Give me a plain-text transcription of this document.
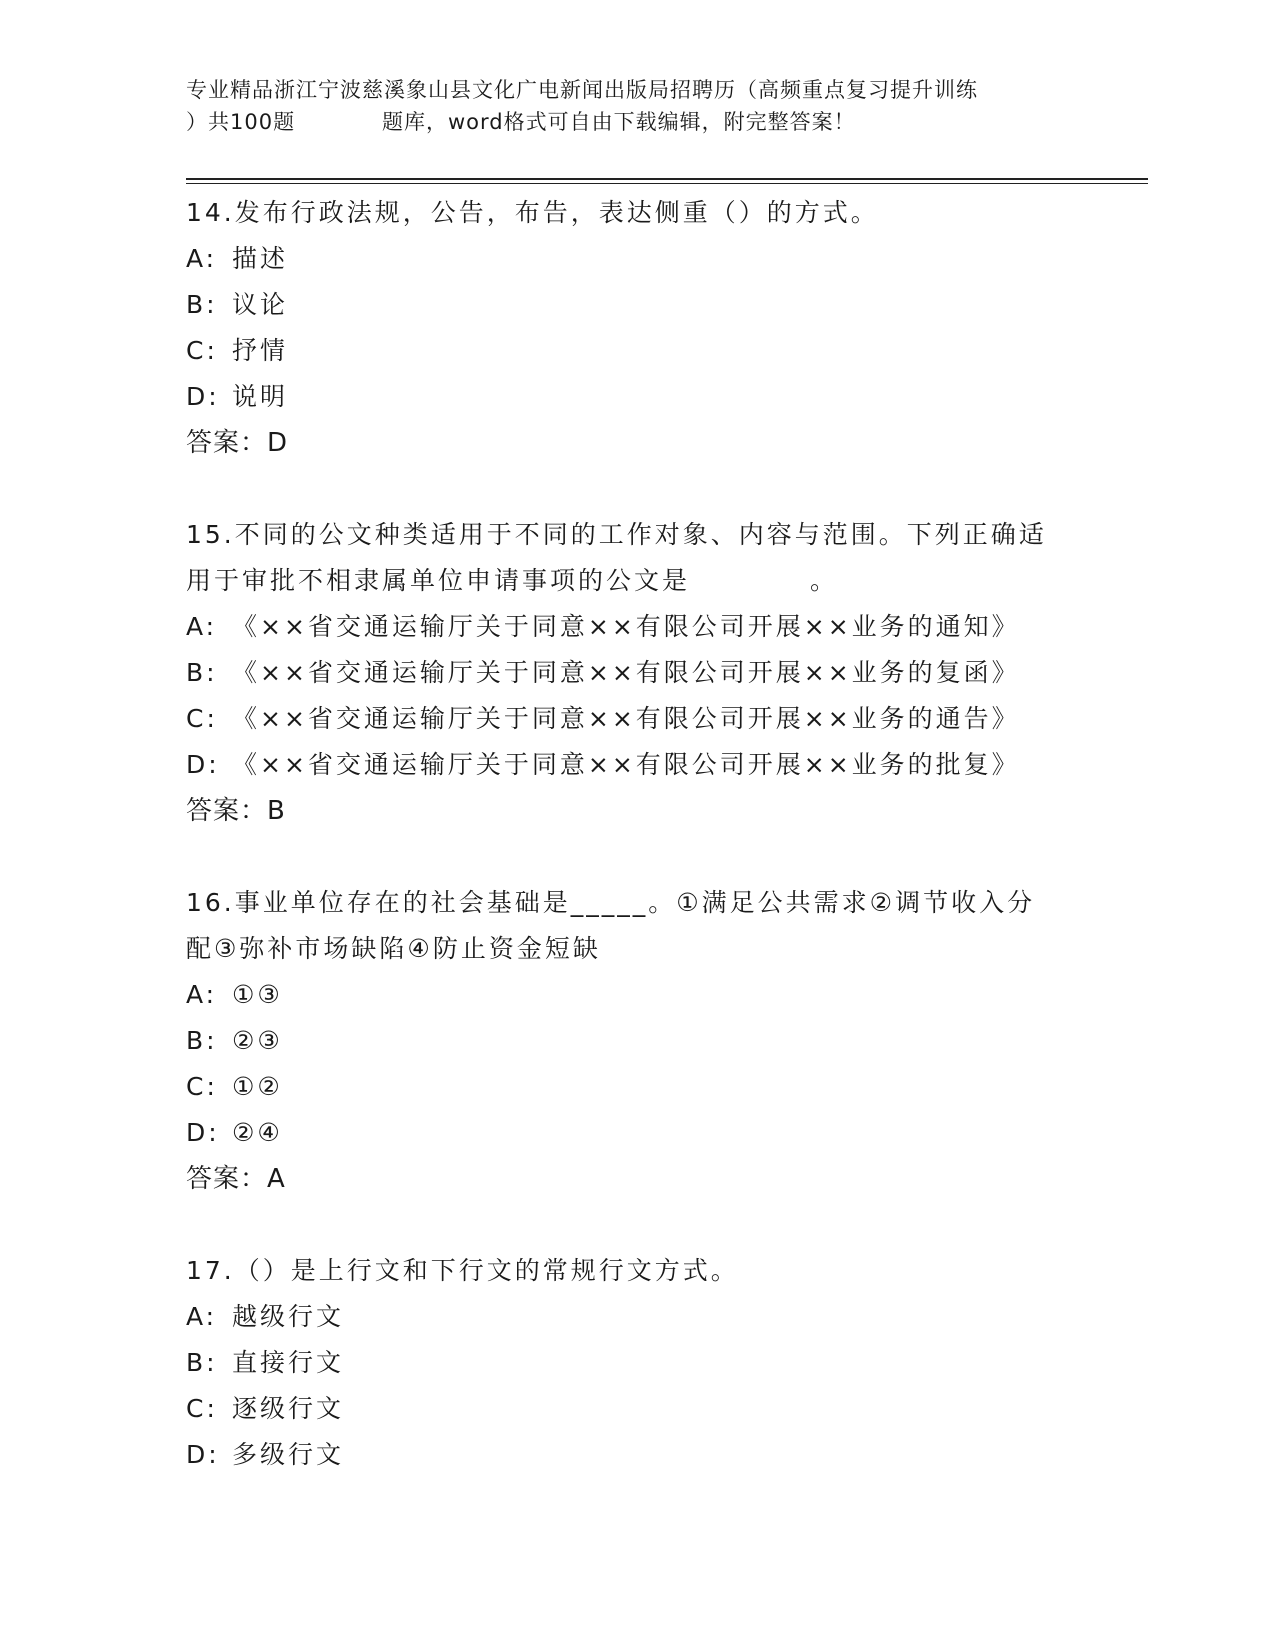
专业精品浙江宁波慈溪象山县文化广电新闻出版局招聘历（高频重点复习提升训练
）共100题	题库，word格式可自由下载编辑，附完整答案！
14.发布行政法规，公告，布告，表达侧重（）的方式。
A: 描述
B: 议论
C: 抒情
D: 说明
答案：D
15.不同的公文种类适用于不同的工作对象、内容与范围。下列正确适
用于审批不相隶属单位申请事项的公文是	。
A: 《××省交通运输厅关于同意××有限公司开展××业务的通知》
B: 《××省交通运输厅关于同意××有限公司开展××业务的复函》
C: 《××省交通运输厅关于同意××有限公司开展××业务的通告》
D: 《××省交通运输厅关于同意××有限公司开展××业务的批复》
答案：B
16.事业单位存在的社会基础是_____。①满足公共需求②调节收入分
配③弥补市场缺陷④防止资金短缺
A: ①③
B: ②③
C: ①②
D: ②④
答案：A
17.（）是上行文和下行文的常规行文方式。
A: 越级行文
B: 直接行文
C: 逐级行文
D: 多级行文
